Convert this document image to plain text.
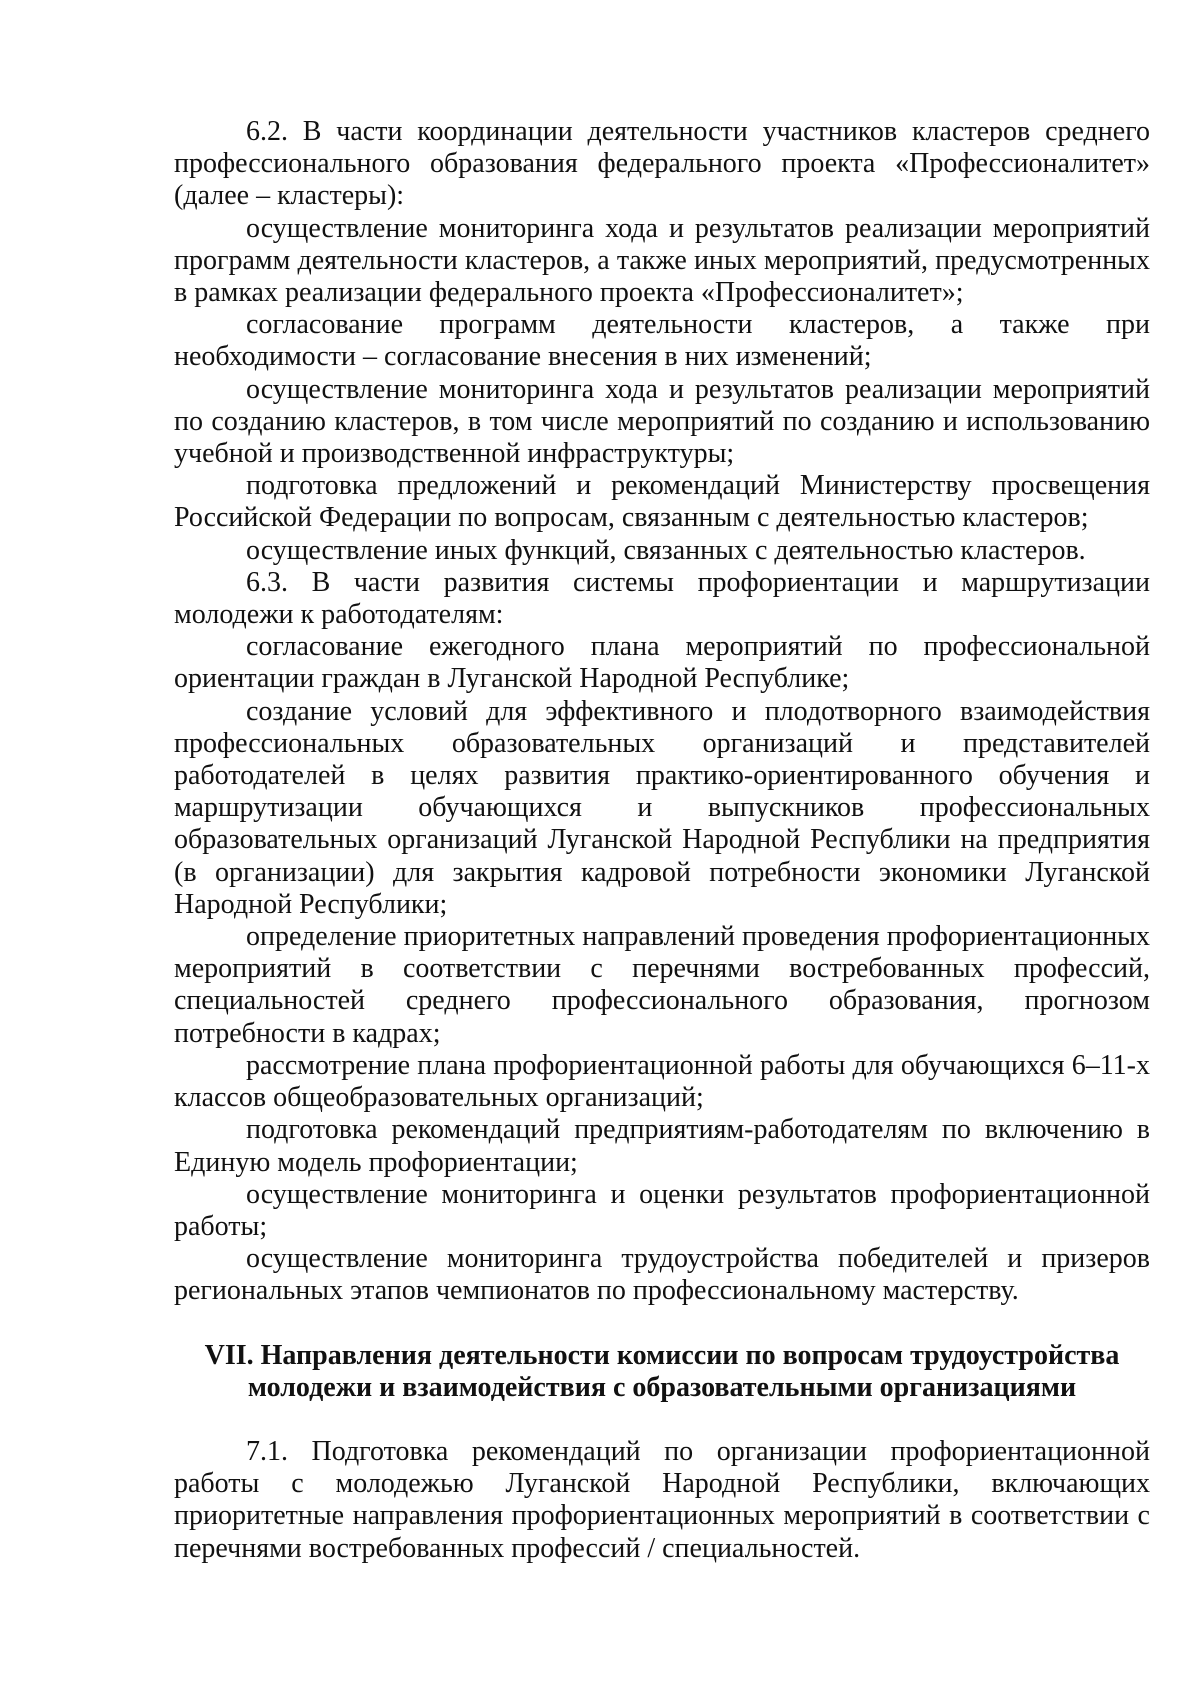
6.2. В части координации деятельности участников кластеров среднего профессионального образования федерального проекта «Профессионалитет» (далее – кластеры):

осуществление мониторинга хода и результатов реализации мероприятий программ деятельности кластеров, а также иных мероприятий, предусмотренных в рамках реализации федерального проекта «Профессионалитет»;

согласование программ деятельности кластеров, а также при необходимости – согласование внесения в них изменений;

осуществление мониторинга хода и результатов реализации мероприятий по созданию кластеров, в том числе мероприятий по созданию и использованию учебной и производственной инфраструктуры;

подготовка предложений и рекомендаций Министерству просвещения Российской Федерации по вопросам, связанным с деятельностью кластеров;

осуществление иных функций, связанных с деятельностью кластеров.

6.3. В части развития системы профориентации и маршрутизации молодежи к работодателям:

согласование ежегодного плана мероприятий по профессиональной ориентации граждан в Луганской Народной Республике;

создание условий для эффективного и плодотворного взаимодействия профессиональных образовательных организаций и представителей работодателей в целях развития практико-ориентированного обучения и маршрутизации обучающихся и выпускников профессиональных образовательных организаций Луганской Народной Республики на предприятия (в организации) для закрытия кадровой потребности экономики Луганской Народной Республики;

определение приоритетных направлений проведения профориентационных мероприятий в соответствии с перечнями востребованных профессий, специальностей среднего профессионального образования, прогнозом потребности в кадрах;

рассмотрение плана профориентационной работы для обучающихся 6–11-х классов общеобразовательных организаций;

подготовка рекомендаций предприятиям-работодателям по включению в Единую модель профориентации;

осуществление мониторинга и оценки результатов профориентационной работы;

осуществление мониторинга трудоустройства победителей и призеров региональных этапов чемпионатов по профессиональному мастерству.

VII. Направления деятельности комиссии по вопросам трудоустройства
молодежи и взаимодействия с образовательными организациями

7.1. Подготовка рекомендаций по организации профориентационной работы с молодежью Луганской Народной Республики, включающих приоритетные направления профориентационных мероприятий в соответствии с перечнями востребованных профессий / специальностей.
